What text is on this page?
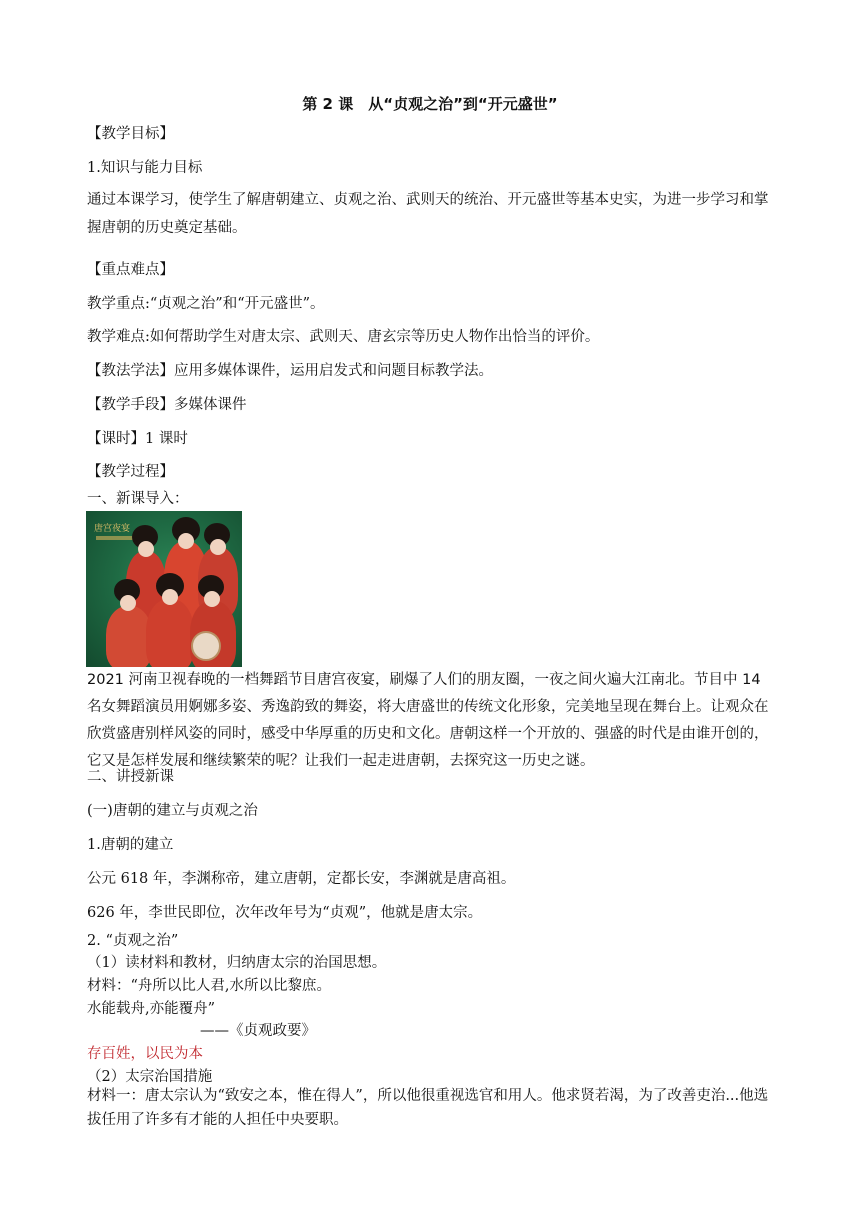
第 2 课　从“贞观之治”到“开元盛世”
【教学目标】
1.知识与能力目标
通过本课学习，使学生了解唐朝建立、贞观之治、武则天的统治、开元盛世等基本史实，为进一步学习和掌握唐朝的历史奠定基础。
【重点难点】
教学重点:“贞观之治”和“开元盛世”。
教学难点:如何帮助学生对唐太宗、武则天、唐玄宗等历史人物作出恰当的评价。
【教法学法】应用多媒体课件，运用启发式和问题目标教学法。
【教学手段】多媒体课件
【课时】1 课时
【教学过程】
一、新课导入：
唐宫夜宴
2021 河南卫视春晚的一档舞蹈节目唐宫夜宴，刷爆了人们的朋友圈，一夜之间火遍大江南北。节目中 14 名女舞蹈演员用婀娜多姿、秀逸韵致的舞姿，将大唐盛世的传统文化形象，完美地呈现在舞台上。让观众在欣赏盛唐别样风姿的同时，感受中华厚重的历史和文化。唐朝这样一个开放的、强盛的时代是由谁开创的，它又是怎样发展和继续繁荣的呢？让我们一起走进唐朝，去探究这一历史之谜。
二、讲授新课
(一)唐朝的建立与贞观之治
1.唐朝的建立
公元 618 年，李渊称帝，建立唐朝，定都长安，李渊就是唐高祖。
626 年，李世民即位，次年改年号为“贞观”，他就是唐太宗。
2. “贞观之治”
（1）读材料和教材，归纳唐太宗的治国思想。
材料：“舟所以比人君,水所以比黎庶。
水能载舟,亦能覆舟”
——《贞观政要》
存百姓，以民为本
（2）太宗治国措施
材料一：唐太宗认为“致安之本，惟在得人”，所以他很重视选官和用人。他求贤若渴，为了改善吏治...他选拔任用了许多有才能的人担任中央要职。
